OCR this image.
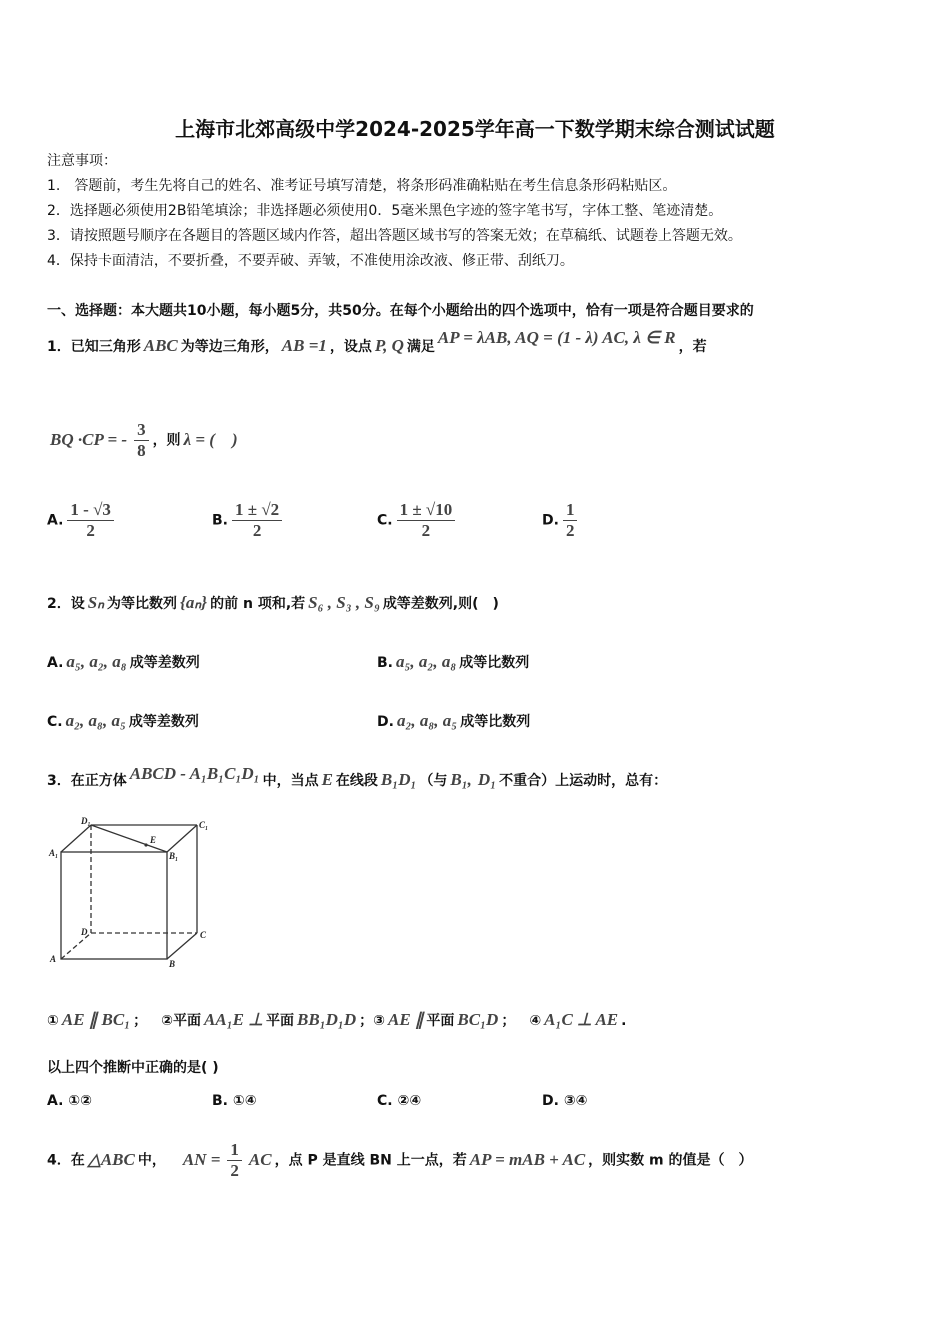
上海市北郊高级中学2024-2025学年高一下数学期末综合测试试题
注意事项：
1.　答题前，考生先将自己的姓名、准考证号填写清楚，将条形码准确粘贴在考生信息条形码粘贴区。
2．选择题必须使用2B铅笔填涂；非选择题必须使用0．5毫米黑色字迹的签字笔书写，字体工整、笔迹清楚。
3．请按照题号顺序在各题目的答题区域内作答，超出答题区域书写的答案无效；在草稿纸、试题卷上答题无效。
4．保持卡面清洁，不要折叠，不要弄破、弄皱，不准使用涂改液、修正带、刮纸刀。
一、选择题：本大题共10小题，每小题5分，共50分。在每个小题给出的四个选项中，恰有一项是符合题目要求的
1．已知三角形 ABC 为等边三角形， AB =1 ，设点 P, Q 满足 AP = λAB, AQ = (1 - λ) AC, λ ∈ R ，若
BQ ·CP = - $\frac{3}{8}$ ，则 λ = (　)
A. $\frac{1 - √3}{2}$	B. $\frac{1 \pm √2}{2}$	C. $\frac{1 \pm √10}{2}$	D. $\frac{1}{2}$
2．设 Sₙ 为等比数列 {aₙ} 的前 n 项和,若 S₆ , S₃ , S₉ 成等差数列,则(　)
A. a₅, a₂, a₈ 成等差数列	B. a₅, a₂, a₈ 成等比数列
C. a₂, a₈, a₅ 成等差数列	D. a₂, a₈, a₅ 成等比数列
3．在正方体 ABCD - A₁B₁C₁D₁ 中，当点 E 在线段 B₁D₁ （与 B₁, D₁ 不重合）上运动时，总有：
D₁	C₁
A₁	B₁
E
D	C
A	B
① AE ∥ BC₁ ；  ②平面 AA₁E ⊥ 平面 BB₁D₁D ；③ AE ∥ 平面 BC₁D ；  ④ A₁C ⊥ AE .
以上四个推断中正确的是( )
A. ①②	B. ①④	C. ②④	D. ③④
4．在 △ABC 中，  AN = $\frac{1}{2}$ AC ，点 P 是直线 BN 上一点，若 AP = mAB + AC ，则实数 m 的值是（　）
